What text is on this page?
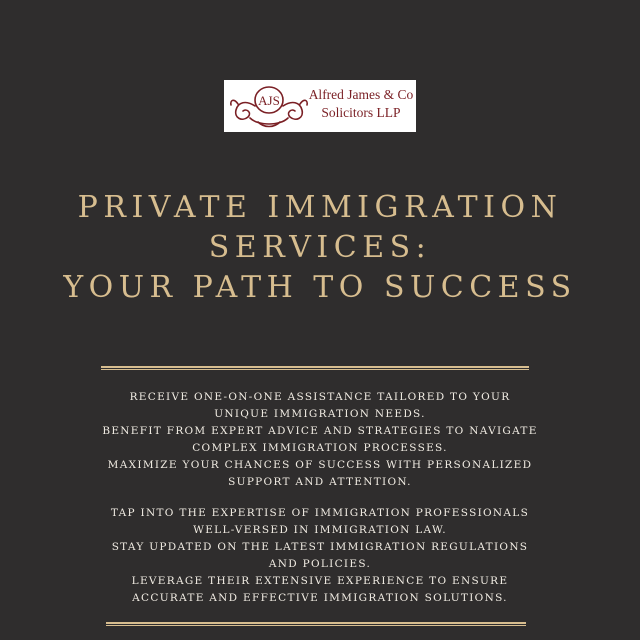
AJS Alfred James & Co
Solicitors LLP
PRIVATE IMMIGRATION
SERVICES:
YOUR PATH TO SUCCESS
RECEIVE ONE-ON-ONE ASSISTANCE TAILORED TO YOUR
UNIQUE IMMIGRATION NEEDS.
BENEFIT FROM EXPERT ADVICE AND STRATEGIES TO NAVIGATE
COMPLEX IMMIGRATION PROCESSES.
MAXIMIZE YOUR CHANCES OF SUCCESS WITH PERSONALIZED
SUPPORT AND ATTENTION.
TAP INTO THE EXPERTISE OF IMMIGRATION PROFESSIONALS
WELL-VERSED IN IMMIGRATION LAW.
STAY UPDATED ON THE LATEST IMMIGRATION REGULATIONS
AND POLICIES.
LEVERAGE THEIR EXTENSIVE EXPERIENCE TO ENSURE
ACCURATE AND EFFECTIVE IMMIGRATION SOLUTIONS.
